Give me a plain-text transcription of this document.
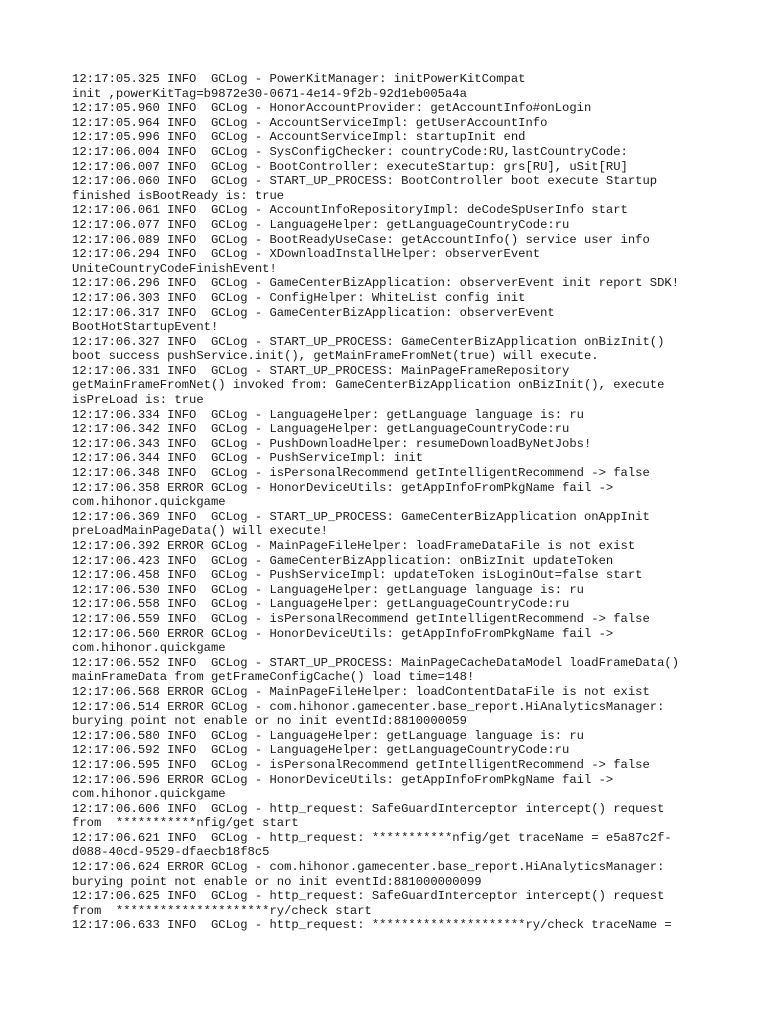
12:17:05.325 INFO  GCLog - PowerKitManager: initPowerKitCompat
init ,powerKitTag=b9872e30-0671-4e14-9f2b-92d1eb005a4a
12:17:05.960 INFO  GCLog - HonorAccountProvider: getAccountInfo#onLogin
12:17:05.964 INFO  GCLog - AccountServiceImpl: getUserAccountInfo
12:17:05.996 INFO  GCLog - AccountServiceImpl: startupInit end
12:17:06.004 INFO  GCLog - SysConfigChecker: countryCode:RU,lastCountryCode:
12:17:06.007 INFO  GCLog - BootController: executeStartup: grs[RU], uSit[RU]
12:17:06.060 INFO  GCLog - START_UP_PROCESS: BootController boot execute Startup
finished isBootReady is: true
12:17:06.061 INFO  GCLog - AccountInfoRepositoryImpl: deCodeSpUserInfo start
12:17:06.077 INFO  GCLog - LanguageHelper: getLanguageCountryCode:ru
12:17:06.089 INFO  GCLog - BootReadyUseCase: getAccountInfo() service user info
12:17:06.294 INFO  GCLog - XDownloadInstallHelper: observerEvent
UniteCountryCodeFinishEvent!
12:17:06.296 INFO  GCLog - GameCenterBizApplication: observerEvent init report SDK!
12:17:06.303 INFO  GCLog - ConfigHelper: WhiteList config init
12:17:06.317 INFO  GCLog - GameCenterBizApplication: observerEvent
BootHotStartupEvent!
12:17:06.327 INFO  GCLog - START_UP_PROCESS: GameCenterBizApplication onBizInit()
boot success pushService.init(), getMainFrameFromNet(true) will execute.
12:17:06.331 INFO  GCLog - START_UP_PROCESS: MainPageFrameRepository
getMainFrameFromNet() invoked from: GameCenterBizApplication onBizInit(), execute
isPreLoad is: true
12:17:06.334 INFO  GCLog - LanguageHelper: getLanguage language is: ru
12:17:06.342 INFO  GCLog - LanguageHelper: getLanguageCountryCode:ru
12:17:06.343 INFO  GCLog - PushDownloadHelper: resumeDownloadByNetJobs!
12:17:06.344 INFO  GCLog - PushServiceImpl: init
12:17:06.348 INFO  GCLog - isPersonalRecommend getIntelligentRecommend -> false
12:17:06.358 ERROR GCLog - HonorDeviceUtils: getAppInfoFromPkgName fail ->
com.hihonor.quickgame
12:17:06.369 INFO  GCLog - START_UP_PROCESS: GameCenterBizApplication onAppInit
preLoadMainPageData() will execute!
12:17:06.392 ERROR GCLog - MainPageFileHelper: loadFrameDataFile is not exist
12:17:06.423 INFO  GCLog - GameCenterBizApplication: onBizInit updateToken
12:17:06.458 INFO  GCLog - PushServiceImpl: updateToken isLoginOut=false start
12:17:06.530 INFO  GCLog - LanguageHelper: getLanguage language is: ru
12:17:06.558 INFO  GCLog - LanguageHelper: getLanguageCountryCode:ru
12:17:06.559 INFO  GCLog - isPersonalRecommend getIntelligentRecommend -> false
12:17:06.560 ERROR GCLog - HonorDeviceUtils: getAppInfoFromPkgName fail ->
com.hihonor.quickgame
12:17:06.552 INFO  GCLog - START_UP_PROCESS: MainPageCacheDataModel loadFrameData()
mainFrameData from getFrameConfigCache() load time=148!
12:17:06.568 ERROR GCLog - MainPageFileHelper: loadContentDataFile is not exist
12:17:06.514 ERROR GCLog - com.hihonor.gamecenter.base_report.HiAnalyticsManager:
burying point not enable or no init eventId:8810000059
12:17:06.580 INFO  GCLog - LanguageHelper: getLanguage language is: ru
12:17:06.592 INFO  GCLog - LanguageHelper: getLanguageCountryCode:ru
12:17:06.595 INFO  GCLog - isPersonalRecommend getIntelligentRecommend -> false
12:17:06.596 ERROR GCLog - HonorDeviceUtils: getAppInfoFromPkgName fail ->
com.hihonor.quickgame
12:17:06.606 INFO  GCLog - http_request: SafeGuardInterceptor intercept() request
from  ***********nfig/get start
12:17:06.621 INFO  GCLog - http_request: ***********nfig/get traceName = e5a87c2f-
d088-40cd-9529-dfaecb18f8c5
12:17:06.624 ERROR GCLog - com.hihonor.gamecenter.base_report.HiAnalyticsManager:
burying point not enable or no init eventId:881000000099
12:17:06.625 INFO  GCLog - http_request: SafeGuardInterceptor intercept() request
from  *********************ry/check start
12:17:06.633 INFO  GCLog - http_request: *********************ry/check traceName =
